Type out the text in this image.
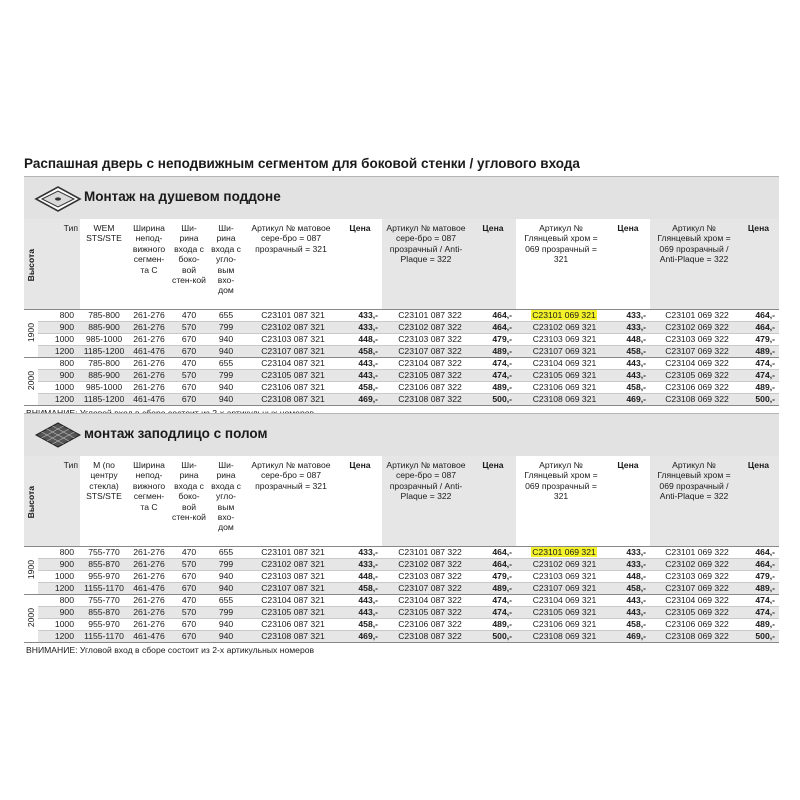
Распашная дверь с неподвижным сегментом для боковой стенки / углового входа
Монтаж на душевом поддоне
Высота	Тип	WEM STS/STE	Ширина непод-вижного сегмен-та C	Ши-рина входа с боко-вой стен-кой	Ши-рина входа с угло-вым вхо-дом	Артикул № матовое сере-бро = 087 прозрачный = 321	Цена	Артикул № матовое сере-бро = 087 прозрачный / Anti-Plaque = 322	Цена	Артикул № Глянцевый хром = 069 прозрачный = 321	Цена	Артикул № Глянцевый хром = 069 прозрачный / Anti-Plaque = 322	Цена
1900	800	785-800	261-276	470	655	C23101 087 321	433,-	C23101 087 322	464,-	C23101 069 321	433,-	C23101 069 322	464,-
	900	885-900	261-276	570	799	C23102 087 321	433,-	C23102 087 322	464,-	C23102 069 321	433,-	C23102 069 322	464,-
	1000	985-1000	261-276	670	940	C23103 087 321	448,-	C23103 087 322	479,-	C23103 069 321	448,-	C23103 069 322	479,-
	1200	1185-1200	461-476	670	940	C23107 087 321	458,-	C23107 087 322	489,-	C23107 069 321	458,-	C23107 069 322	489,-
2000	800	785-800	261-276	470	655	C23104 087 321	443,-	C23104 087 322	474,-	C23104 069 321	443,-	C23104 069 322	474,-
	900	885-900	261-276	570	799	C23105 087 321	443,-	C23105 087 322	474,-	C23105 069 321	443,-	C23105 069 322	474,-
	1000	985-1000	261-276	670	940	C23106 087 321	458,-	C23106 087 322	489,-	C23106 069 321	458,-	C23106 069 322	489,-
	1200	1185-1200	461-476	670	940	C23108 087 321	469,-	C23108 087 322	500,-	C23108 069 321	469,-	C23108 069 322	500,-
монтаж заподлицо с полом
Высота	Тип	М (по центру стекла) STS/STE	Ширина непод-вижного сегмен-та C	Ши-рина входа с боко-вой стен-кой	Ши-рина входа с угло-вым вхо-дом	Артикул № матовое сере-бро = 087 прозрачный = 321	Цена	Артикул № матовое сере-бро = 087 прозрачный / Anti-Plaque = 322	Цена	Артикул № Глянцевый хром = 069 прозрачный = 321	Цена	Артикул № Глянцевый хром = 069 прозрачный / Anti-Plaque = 322	Цена
1900	800	755-770	261-276	470	655	C23101 087 321	433,-	C23101 087 322	464,-	C23101 069 321	433,-	C23101 069 322	464,-
	900	855-870	261-276	570	799	C23102 087 321	433,-	C23102 087 322	464,-	C23102 069 321	433,-	C23102 069 322	464,-
	1000	955-970	261-276	670	940	C23103 087 321	448,-	C23103 087 322	479,-	C23103 069 321	448,-	C23103 069 322	479,-
	1200	1155-1170	461-476	670	940	C23107 087 321	458,-	C23107 087 322	489,-	C23107 069 321	458,-	C23107 069 322	489,-
2000	800	755-770	261-276	470	655	C23104 087 321	443,-	C23104 087 322	474,-	C23104 069 321	443,-	C23104 069 322	474,-
	900	855-870	261-276	570	799	C23105 087 321	443,-	C23105 087 322	474,-	C23105 069 321	443,-	C23105 069 322	474,-
	1000	955-970	261-276	670	940	C23106 087 321	458,-	C23106 087 322	489,-	C23106 069 321	458,-	C23106 069 322	489,-
	1200	1155-1170	461-476	670	940	C23108 087 321	469,-	C23108 087 322	500,-	C23108 069 321	469,-	C23108 069 322	500,-
ВНИМАНИЕ: Угловой вход в сборе состоит из 2-х артикульных номеров
